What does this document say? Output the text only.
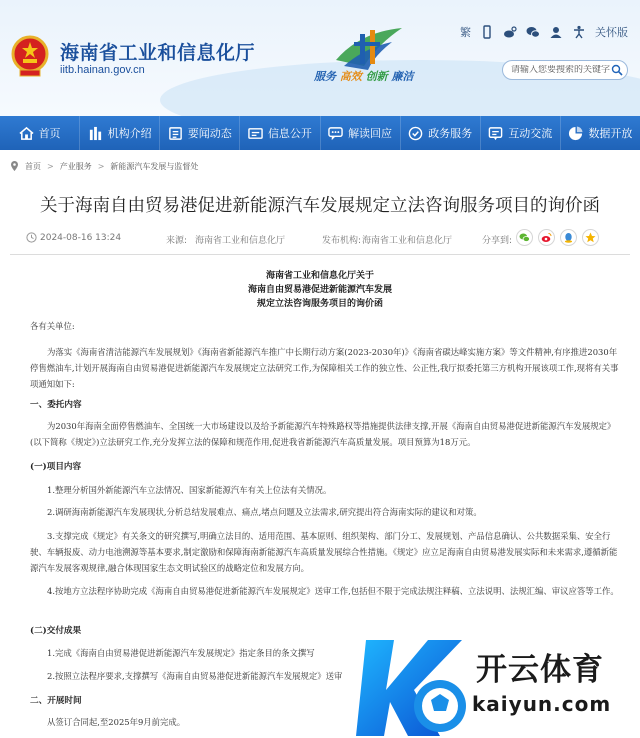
海南省工业和信息化厅
iitb.hainan.gov.cn	服务 高效 创新 廉洁
繁	关怀版
请输入您要搜索的关键字
首页	机构介绍	要闻动态	信息公开	解读回应	政务服务	互动交流	数据开放
首页 > 产业服务 > 新能源汽车发展与监督处
关于海南自由贸易港促进新能源汽车发展规定立法咨询服务项目的询价函
2024-08-16 13:24	来源: 海南省工业和信息化厅	发布机构: 海南省工业和信息化厅	分享到:
海南省工业和信息化厅关于
海南自由贸易港促进新能源汽车发展
规定立法咨询服务项目的询价函
各有关单位:
为落实《海南省清洁能源汽车发展规划》《海南省新能源汽车推广中长期行动方案(2023-2030年)》《海南省碳达峰实施方案》等文件精神,有序推进2030年停售燃油车,计划开展海南自由贸易港促进新能源汽车发展规定立法研究工作,为保障相关工作的独立性、公正性,我厅拟委托第三方机构开展该项工作,现将有关事项通知如下:
一、委托内容
为2030年海南全面停售燃油车、全国统一大市场建设以及给予新能源汽车特殊路权等措施提供法律支撑,开展《海南自由贸易港促进新能源汽车发展规定》(以下简称《规定》)立法研究工作,充分发挥立法的保障和规范作用,促进我省新能源汽车高质量发展。项目预算为18万元。
(一)项目内容
1.整理分析国外新能源汽车立法情况、国家新能源汽车有关上位法有关情况。
2.调研海南新能源汽车发展现状,分析总结发展难点、痛点,堵点问题及立法需求,研究提出符合海南实际的建议和对策。
3.支撑完成《规定》有关条文的研究撰写,明确立法目的、适用范围、基本原则、组织架构、部门分工、发展规划、产品信息确认、公共数据采集、安全行驶、车辆报废、动力电池溯源等基本要求,制定激励和保障海南新能源汽车高质量发展综合性措施。《规定》应立足海南自由贸易港发展实际和未来需求,遵循新能源汽车发展客观规律,融合体现国家生态文明试验区的战略定位和发展方向。
4.按地方立法程序协助完成《海南自由贸易港促进新能源汽车发展规定》送审工作,包括但不限于完成法规注释稿、立法说明、法规汇编、审议应答等工作。
(二)交付成果
1.完成《海南自由贸易港促进新能源汽车发展规定》指定条目的条文撰写
2.按照立法程序要求,支撑撰写《海南自由贸易港促进新能源汽车发展规定》送审
二、开展时间
从签订合同起,至2025年9月前完成。
开云体育
kaiyun.com
